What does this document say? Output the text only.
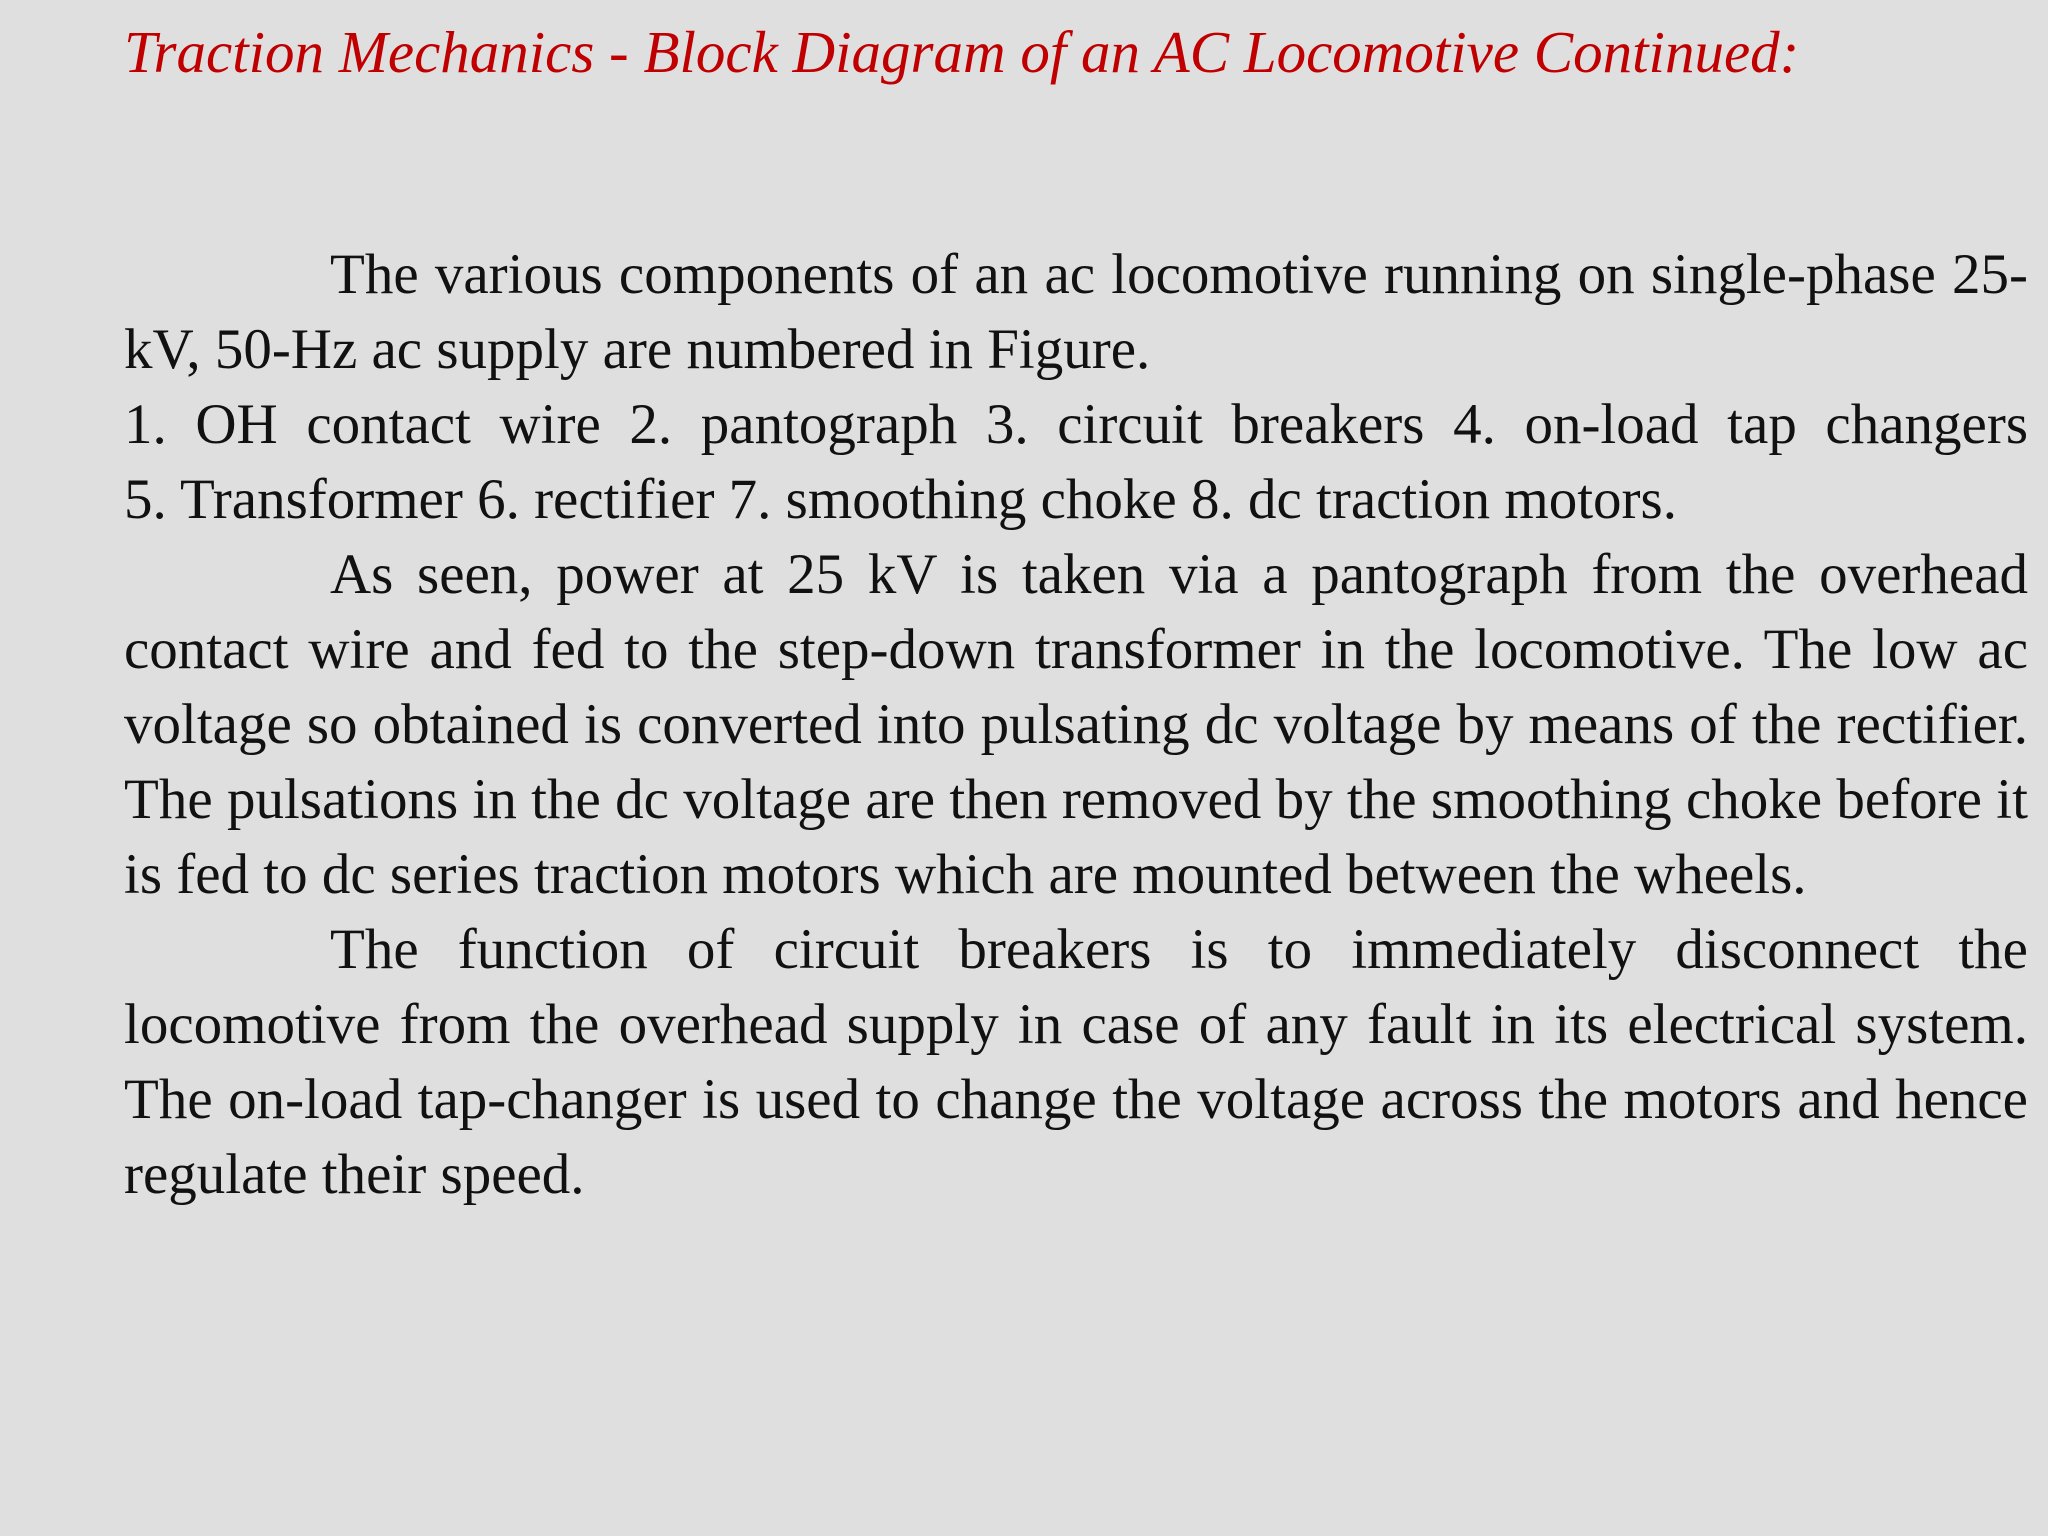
Traction Mechanics - Block Diagram of an AC Locomotive Continued:

The various components of an ac locomotive running on single-phase 25-kV, 50-Hz ac supply are numbered in Figure.

1. OH contact wire 2. pantograph 3. circuit breakers 4. on-load tap changers
5. Transformer 6. rectifier 7. smoothing choke 8. dc traction motors.

As seen, power at 25 kV is taken via a pantograph from the overhead contact wire and fed to the step-down transformer in the locomotive. The low ac voltage so obtained is converted into pulsating dc voltage by means of the rectifier. The pulsations in the dc voltage are then removed by the smoothing choke before it is fed to dc series traction motors which are mounted between the wheels.

The function of circuit breakers is to immediately disconnect the locomotive from the overhead supply in case of any fault in its electrical system. The on-load tap-changer is used to change the voltage across the motors and hence regulate their speed.
